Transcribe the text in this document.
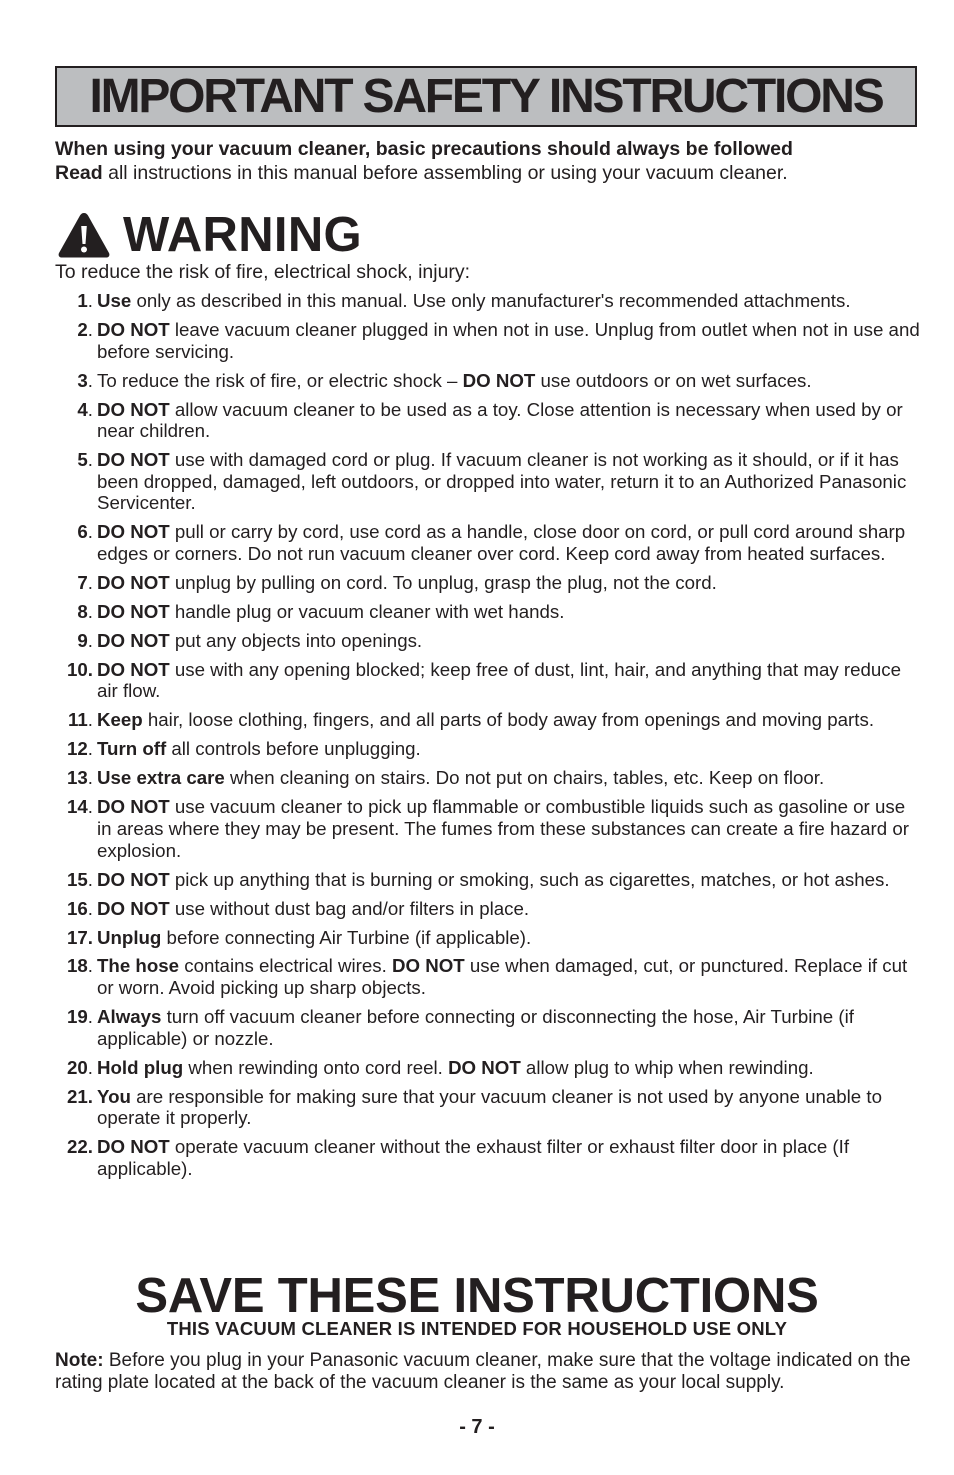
IMPORTANT SAFETY INSTRUCTIONS
When using your vacuum cleaner, basic precautions should always be followed
Read all instructions in this manual before assembling or using your vacuum cleaner.
WARNING
To reduce the risk of fire, electrical shock, injury:
1. Use only as described in this manual. Use only manufacturer's recommended attachments.
2. DO NOT leave vacuum cleaner plugged in when not in use. Unplug from outlet when not in use and before servicing.
3. To reduce the risk of fire, or electric shock – DO NOT use outdoors or on wet surfaces.
4. DO NOT allow vacuum cleaner to be used as a toy. Close attention is necessary when used by or near children.
5. DO NOT use with damaged cord or plug. If vacuum cleaner is not working as it should, or if it has been dropped, damaged, left outdoors, or dropped into water, return it to an Authorized Panasonic Servicenter.
6. DO NOT pull or carry by cord, use cord as a handle, close door on cord, or pull cord around sharp edges or corners. Do not run vacuum cleaner over cord. Keep cord away from heated surfaces.
7. DO NOT unplug by pulling on cord. To unplug, grasp the plug, not the cord.
8. DO NOT handle plug or vacuum cleaner with wet hands.
9. DO NOT put any objects into openings.
10. DO NOT use with any opening blocked; keep free of dust, lint, hair, and anything that may reduce air flow.
11. Keep hair, loose clothing, fingers, and all parts of body away from openings and moving parts.
12. Turn off all controls before unplugging.
13. Use extra care when cleaning on stairs. Do not put on chairs, tables, etc. Keep on floor.
14. DO NOT use vacuum cleaner to pick up flammable or combustible liquids such as gasoline or use in areas where they may be present. The fumes from these substances can create a fire hazard or explosion.
15. DO NOT pick up anything that is burning or smoking, such as cigarettes, matches, or hot ashes.
16. DO NOT use without dust bag and/or filters in place.
17. Unplug before connecting Air Turbine (if applicable).
18. The hose contains electrical wires. DO NOT use when damaged, cut, or punctured. Replace if cut or worn. Avoid picking up sharp objects.
19. Always turn off vacuum cleaner before connecting or disconnecting the hose, Air Turbine (if applicable) or nozzle.
20. Hold plug when rewinding onto cord reel. DO NOT allow plug to whip when rewinding.
21. You are responsible for making sure that your vacuum cleaner is not used by anyone unable to operate it properly.
22. DO NOT operate vacuum cleaner without the exhaust filter or exhaust filter door in place (If applicable).
SAVE THESE INSTRUCTIONS
THIS VACUUM CLEANER IS INTENDED FOR HOUSEHOLD USE ONLY
Note: Before you plug in your Panasonic vacuum cleaner, make sure that the voltage indicated on the rating plate located at the back of the vacuum cleaner is the same as your local supply.
- 7 -
